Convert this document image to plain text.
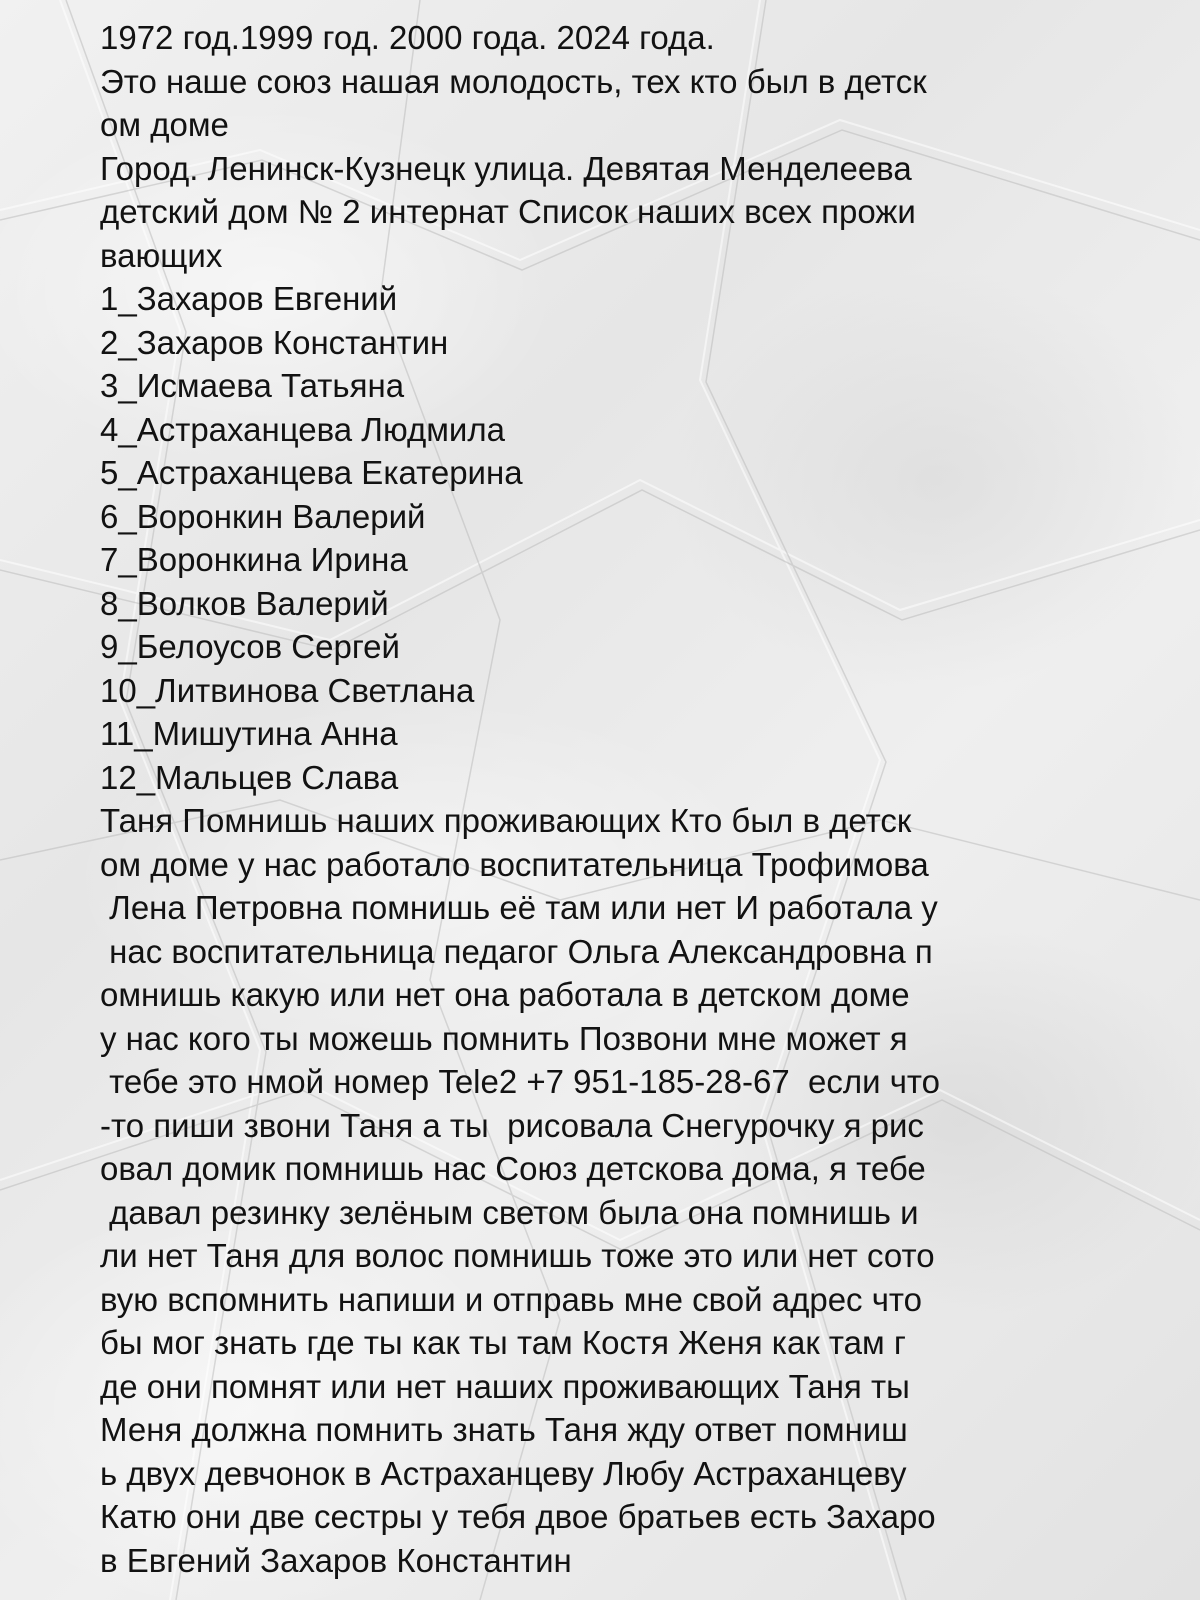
1972 год.1999 год. 2000 года. 2024 года.
Это наше союз нашая молодость, тех кто был в детск
ом доме
Город. Ленинск-Кузнецк улица. Девятая Менделеева
детский дом № 2 интернат Список наших всех прожи
вающих
1_Захаров Евгений
2_Захаров Константин
3_Исмаева Татьяна
4_Астраханцева Людмила
5_Астраханцева Екатерина
6_Воронкин Валерий
7_Воронкина Ирина
8_Волков Валерий
9_Белоусов Сергей
10_Литвинова Светлана
11_Мишутина Анна
12_Мальцев Слава
Таня Помнишь наших проживающих Кто был в детск
ом доме у нас работало воспитательница Трофимова
Лена Петровна помнишь её там или нет И работала у
нас воспитательница педагог Ольга Александровна п
омнишь какую или нет она работала в детском доме
у нас кого ты можешь помнить Позвони мне может я
тебе это нмой номер Tele2 +7 951-185-28-67  если что
-то пиши звони Таня а ты  рисовала Снегурочку я рис
овал домик помнишь нас Союз детскова дома, я тебе
давал резинку зелёным светом была она помнишь и
ли нет Таня для волос помнишь тоже это или нет сото
вую вспомнить напиши и отправь мне свой адрес что
бы мог знать где ты как ты там Костя Женя как там г
де они помнят или нет наших проживающих Таня ты
Меня должна помнить знать Таня жду ответ помниш
ь двух девчонок в Астраханцеву Любу Астраханцеву
Катю они две сестры у тебя двое братьев есть Захаро
в Евгений Захаров Константин
